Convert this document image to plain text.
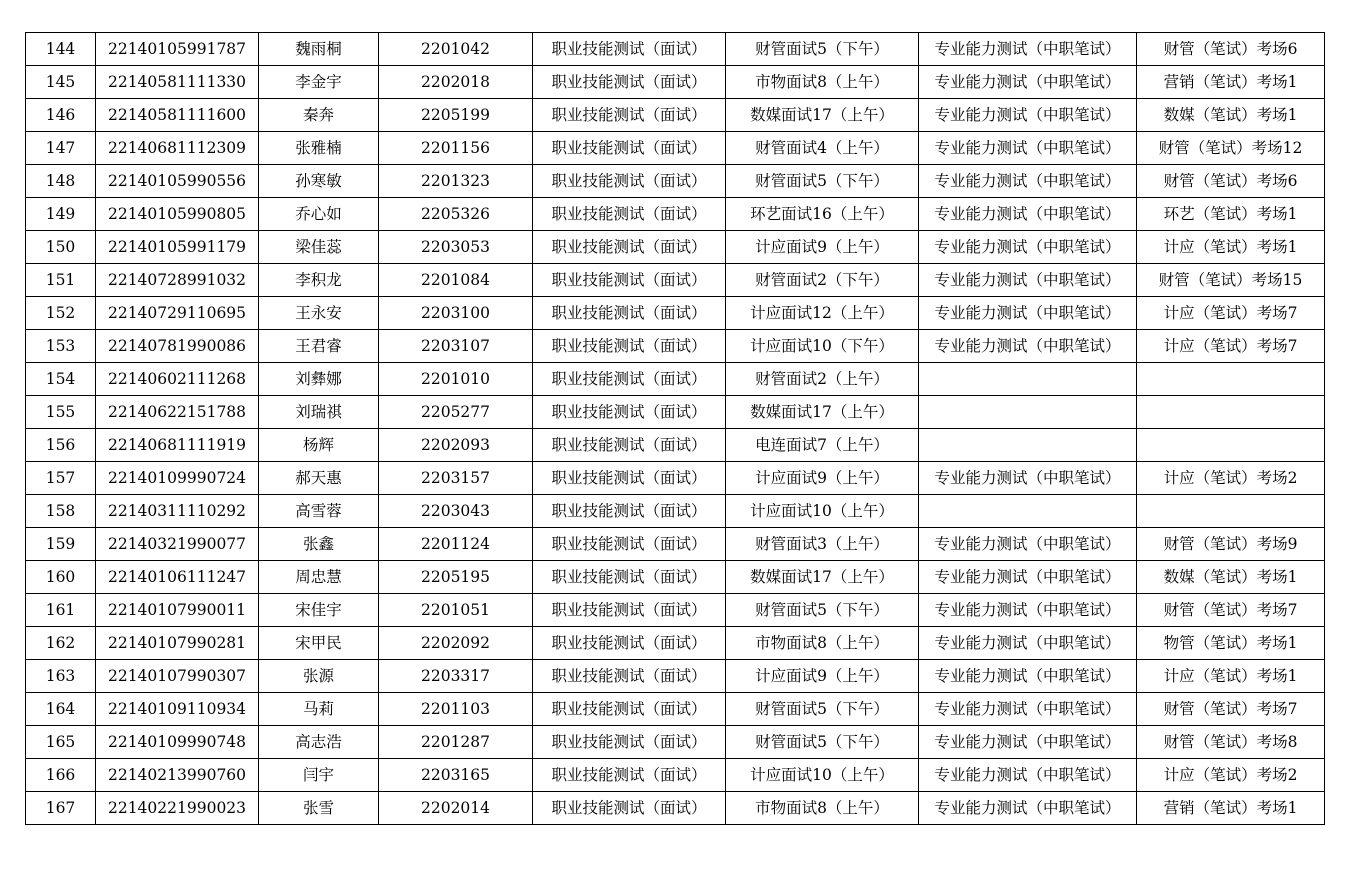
144	22140105991787	魏雨桐	2201042	职业技能测试（面试）	财管面试5（下午）	专业能力测试（中职笔试）	财管（笔试）考场6
145	22140581111330	李金宇	2202018	职业技能测试（面试）	市物面试8（上午）	专业能力测试（中职笔试）	营销（笔试）考场1
146	22140581111600	秦奔	2205199	职业技能测试（面试）	数媒面试17（上午）	专业能力测试（中职笔试）	数媒（笔试）考场1
147	22140681112309	张雅楠	2201156	职业技能测试（面试）	财管面试4（上午）	专业能力测试（中职笔试）	财管（笔试）考场12
148	22140105990556	孙寒敏	2201323	职业技能测试（面试）	财管面试5（下午）	专业能力测试（中职笔试）	财管（笔试）考场6
149	22140105990805	乔心如	2205326	职业技能测试（面试）	环艺面试16（上午）	专业能力测试（中职笔试）	环艺（笔试）考场1
150	22140105991179	梁佳蕊	2203053	职业技能测试（面试）	计应面试9（上午）	专业能力测试（中职笔试）	计应（笔试）考场1
151	22140728991032	李积龙	2201084	职业技能测试（面试）	财管面试2（下午）	专业能力测试（中职笔试）	财管（笔试）考场15
152	22140729110695	王永安	2203100	职业技能测试（面试）	计应面试12（上午）	专业能力测试（中职笔试）	计应（笔试）考场7
153	22140781990086	王君睿	2203107	职业技能测试（面试）	计应面试10（下午）	专业能力测试（中职笔试）	计应（笔试）考场7
154	22140602111268	刘彝娜	2201010	职业技能测试（面试）	财管面试2（上午）		
155	22140622151788	刘瑞祺	2205277	职业技能测试（面试）	数媒面试17（上午）		
156	22140681111919	杨辉	2202093	职业技能测试（面试）	电连面试7（上午）		
157	22140109990724	郝天惠	2203157	职业技能测试（面试）	计应面试9（上午）	专业能力测试（中职笔试）	计应（笔试）考场2
158	22140311110292	高雪蓉	2203043	职业技能测试（面试）	计应面试10（上午）		
159	22140321990077	张鑫	2201124	职业技能测试（面试）	财管面试3（上午）	专业能力测试（中职笔试）	财管（笔试）考场9
160	22140106111247	周忠慧	2205195	职业技能测试（面试）	数媒面试17（上午）	专业能力测试（中职笔试）	数媒（笔试）考场1
161	22140107990011	宋佳宇	2201051	职业技能测试（面试）	财管面试5（下午）	专业能力测试（中职笔试）	财管（笔试）考场7
162	22140107990281	宋甲民	2202092	职业技能测试（面试）	市物面试8（上午）	专业能力测试（中职笔试）	物管（笔试）考场1
163	22140107990307	张源	2203317	职业技能测试（面试）	计应面试9（上午）	专业能力测试（中职笔试）	计应（笔试）考场1
164	22140109110934	马莉	2201103	职业技能测试（面试）	财管面试5（下午）	专业能力测试（中职笔试）	财管（笔试）考场7
165	22140109990748	高志浩	2201287	职业技能测试（面试）	财管面试5（下午）	专业能力测试（中职笔试）	财管（笔试）考场8
166	22140213990760	闫宇	2203165	职业技能测试（面试）	计应面试10（上午）	专业能力测试（中职笔试）	计应（笔试）考场2
167	22140221990023	张雪	2202014	职业技能测试（面试）	市物面试8（上午）	专业能力测试（中职笔试）	营销（笔试）考场1
